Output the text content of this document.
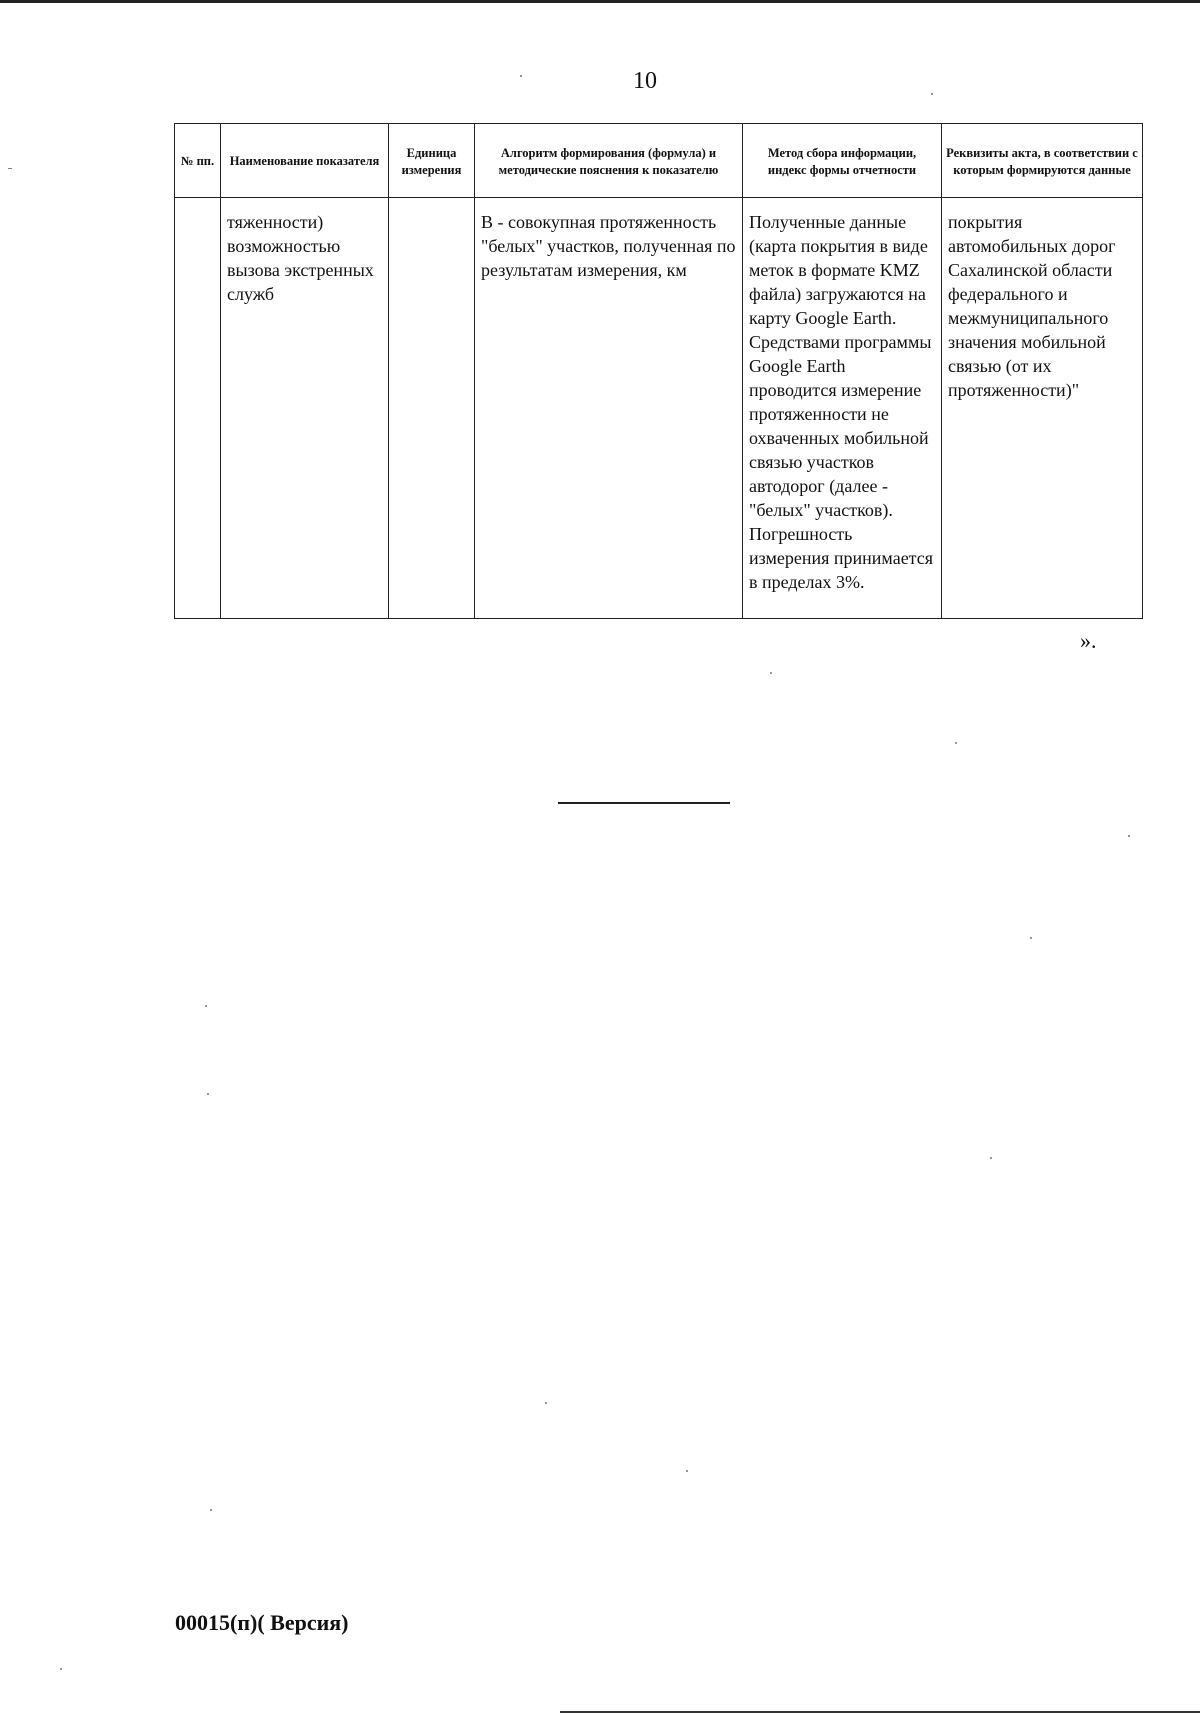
10
№ пп.	Наименование показателя	Единица измерения	Алгоритм формирования (формула) и методические пояснения к показателю	Метод сбора информации, индекс формы отчетности	Реквизиты акта, в соответствии с которым формируются данные
	тяженности) возможностью вызова экстренных служб		B - совокупная протяженность "белых" участков, полученная по результатам измерения, км	Полученные данные (карта покрытия в виде меток в формате KMZ файла) загружаются на карту Google Earth. Средствами программы Google Earth проводится измерение протяженности не охваченных мобильной связью участков автодорог (далее - "белых" участков). Погрешность измерения принимается в пределах 3%.	покрытия автомобильных дорог Сахалинской области федерального и межмуниципального значения мобильной связью (от их протяженности)"
».
00015(п)( Версия)
